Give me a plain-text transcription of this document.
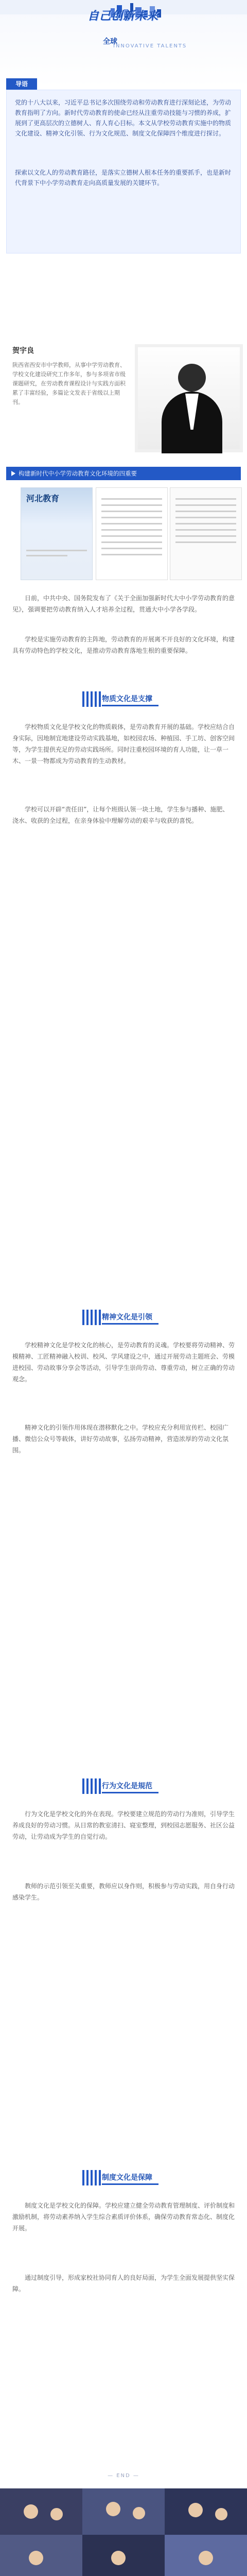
自己创新未来
全球
INNOVATIVE TALENTS
导语

党的十八大以来，习近平总书记多次围绕劳动和劳动教育进行深刻论述，为劳动教育指明了方向。新时代劳动教育的使命已经从注重劳动技能与习惯的养成，扩展到了更高层次的立德树人、育人育心目标。本文从学校劳动教育实施中的物质文化建设、精神文化引领、行为文化规范、制度文化保障四个维度进行探讨。

探索以文化人的劳动教育路径，是落实立德树人根本任务的重要抓手，也是新时代背景下中小学劳动教育走向高质量发展的关键环节。

贺宇良
陕西省西安市中学教师，从事中学劳动教育、学校文化建设研究工作多年，参与多项省市级课题研究，在劳动教育课程设计与实践方面积累了丰富经验，多篇论文发表于省级以上期刊。
构建新时代中小学劳动教育文化环境的四重要
河北教育

日前，中共中央、国务院发布了《关于全面加强新时代大中小学劳动教育的意见》，强调要把劳动教育纳入人才培养全过程，贯通大中小学各学段。

学校是实施劳动教育的主阵地，劳动教育的开展离不开良好的文化环境，构建具有劳动特色的学校文化，是推动劳动教育落地生根的重要保障。

物质文化是支撑

学校物质文化是学校文化的物质载体，是劳动教育开展的基础。学校应结合自身实际，因地制宜地建设劳动实践基地，如校园农场、种植园、手工坊、创客空间等，为学生提供充足的劳动实践场所。同时注重校园环境的育人功能，让一草一木、一景一物都成为劳动教育的生动教材。

学校可以开辟“责任田”，让每个班级认领一块土地，学生参与播种、施肥、浇水、收获的全过程，在亲身体验中理解劳动的艰辛与收获的喜悦。

精神文化是引领

学校精神文化是学校文化的核心，是劳动教育的灵魂。学校要将劳动精神、劳模精神、工匠精神融入校训、校风、学风建设之中，通过开展劳动主题班会、劳模进校园、劳动故事分享会等活动，引导学生崇尚劳动、尊重劳动，树立正确的劳动观念。

精神文化的引领作用体现在潜移默化之中。学校应充分利用宣传栏、校园广播、微信公众号等载体，讲好劳动故事，弘扬劳动精神，营造浓厚的劳动文化氛围。

行为文化是規范

行为文化是学校文化的外在表现。学校要建立规范的劳动行为准则，引导学生养成良好的劳动习惯。从日常的教室清扫、寝室整理，到校园志愿服务、社区公益劳动，让劳动成为学生的自觉行动。

教师的示范引领至关重要，教师应以身作则，积极参与劳动实践，用自身行动感染学生。

制度文化是保障

制度文化是学校文化的保障。学校应建立健全劳动教育管理制度、评价制度和激励机制，将劳动素养纳入学生综合素质评价体系，确保劳动教育常态化、制度化开展。

通过制度引导，形成家校社协同育人的良好局面，为学生全面发展提供坚实保障。

— END —
